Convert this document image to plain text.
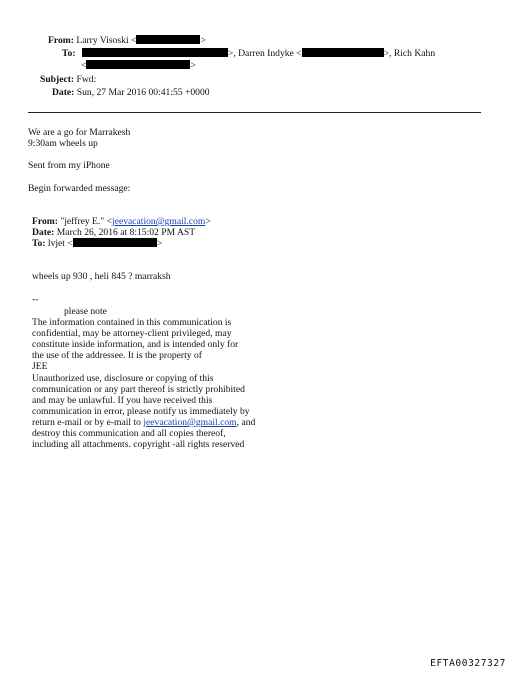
From: Larry Visoski <	>
To:	>, Darren Indyke <	>, Rich Kahn
<	>
Subject: Fwd:
Date: Sun, 27 Mar 2016 00:41:55 +0000
We are a go for Marrakesh
9:30am wheels up
Sent from my iPhone
Begin forwarded message:
From: "jeffrey E." <jeevacation@gmail.com>
Date: March 26, 2016 at 8:15:02 PM AST
To: lvjet <	>
wheels up 930 , heli 845 ? marraksh
--
please note
The information contained in this communication is
confidential, may be attorney-client privileged, may
constitute inside information, and is intended only for
the use of the addressee. It is the property of
JEE
Unauthorized use, disclosure or copying of this
communication or any part thereof is strictly prohibited
and may be unlawful. If you have received this
communication in error, please notify us immediately by
return e-mail or by e-mail to jeevacation@gmail.com, and
destroy this communication and all copies thereof,
including all attachments. copyright -all rights reserved
EFTA00327327
